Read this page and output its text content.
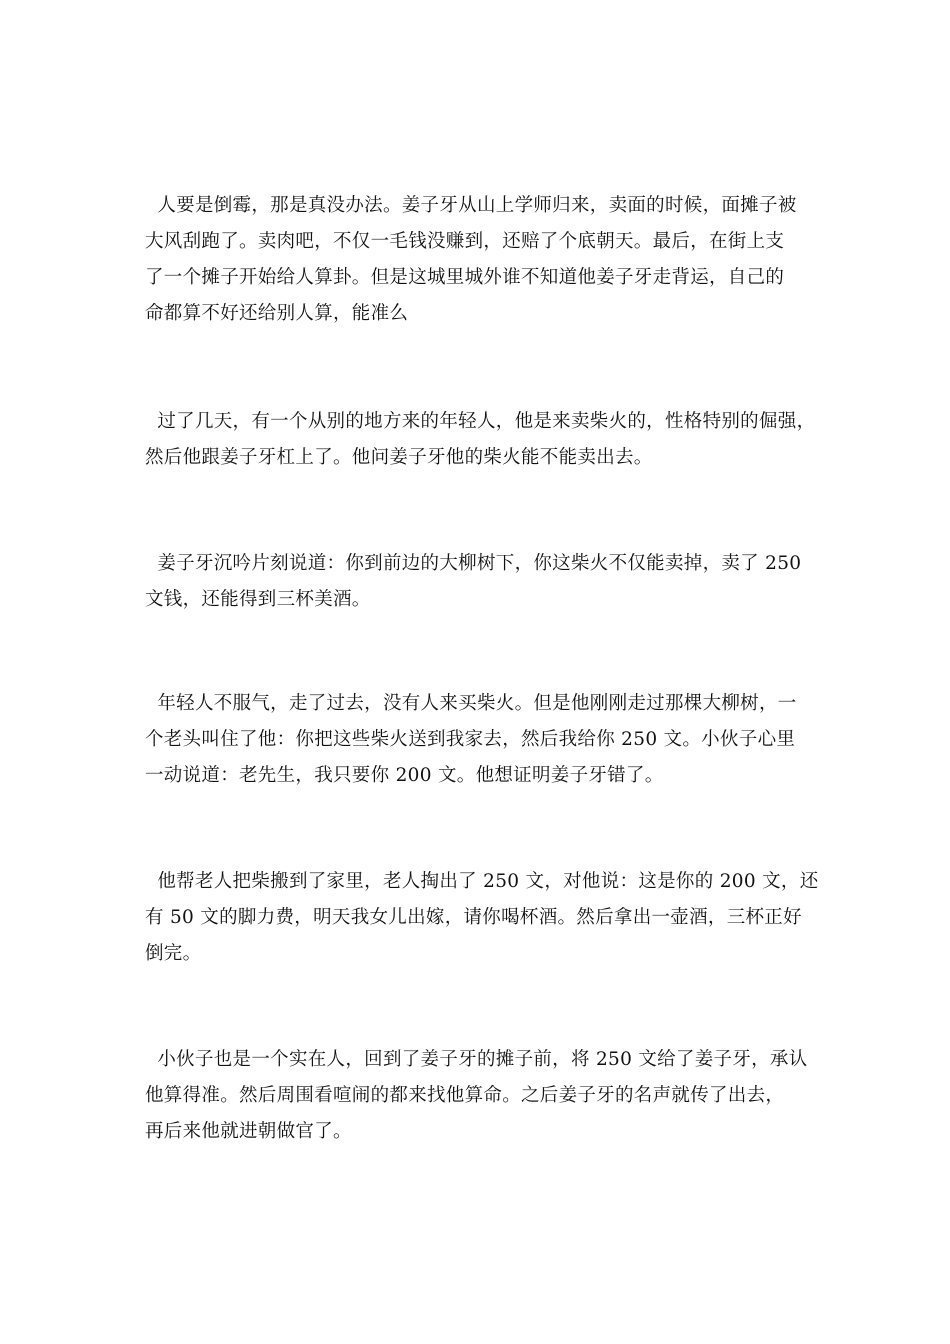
人要是倒霉，那是真没办法。姜子牙从山上学师归来，卖面的时候，面摊子被
大风刮跑了。卖肉吧，不仅一毛钱没赚到，还赔了个底朝天。最后，在街上支
了一个摊子开始给人算卦。但是这城里城外谁不知道他姜子牙走背运，自己的
命都算不好还给别人算，能准么

过了几天，有一个从别的地方来的年轻人，他是来卖柴火的，性格特别的倔强，
然后他跟姜子牙杠上了。他问姜子牙他的柴火能不能卖出去。

姜子牙沉吟片刻说道：你到前边的大柳树下，你这柴火不仅能卖掉，卖了 250
文钱，还能得到三杯美酒。

年轻人不服气，走了过去，没有人来买柴火。但是他刚刚走过那棵大柳树，一
个老头叫住了他：你把这些柴火送到我家去，然后我给你 250 文。小伙子心里
一动说道：老先生，我只要你 200 文。他想证明姜子牙错了。

他帮老人把柴搬到了家里，老人掏出了 250 文，对他说：这是你的 200 文，还
有 50 文的脚力费，明天我女儿出嫁，请你喝杯酒。然后拿出一壶酒，三杯正好
倒完。

小伙子也是一个实在人，回到了姜子牙的摊子前，将 250 文给了姜子牙，承认
他算得准。然后周围看喧闹的都来找他算命。之后姜子牙的名声就传了出去，
再后来他就进朝做官了。
